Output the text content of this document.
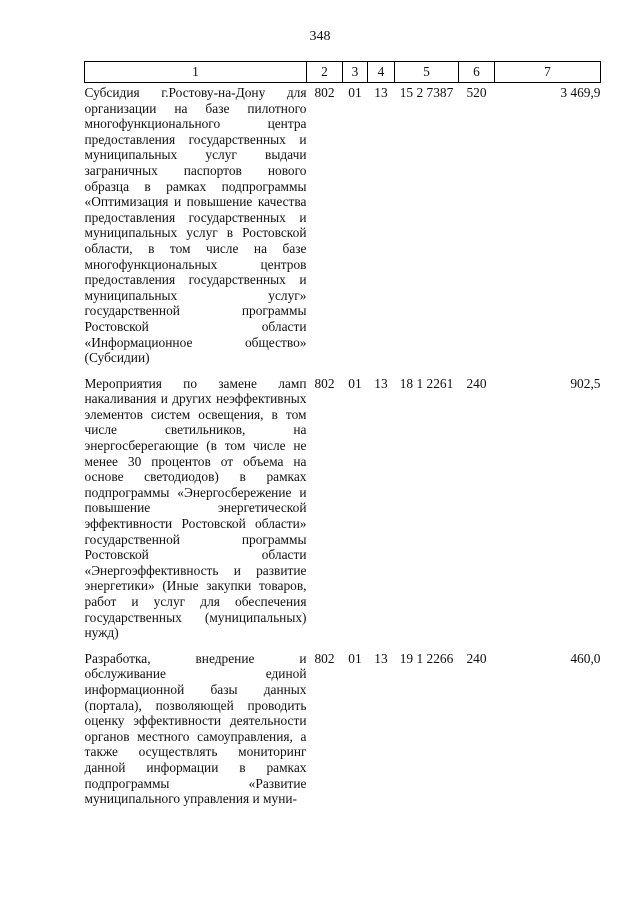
348
1	2	3	4	5	6	7
Субсидия г.Ростову-на-Дону для организации на базе пилотного многофункционального центра предоставления государственных и муниципальных услуг выдачи заграничных паспортов нового образца в рамках подпрограммы «Оптимизация и повышение качества предоставления государственных и муниципальных услуг в Ростовской области, в том числе на базе многофункциональных центров предоставления государственных и муниципальных услуг» государственной программы Ростовской области «Информационное общество» (Субсидии)	802	01	13	15 2 7387	520	3 469,9
Мероприятия по замене ламп накаливания и других неэффективных элементов систем освещения, в том числе светильников, на энергосберегающие (в том числе не менее 30 процентов от объема на основе светодиодов) в рамках подпрограммы «Энергосбережение и повышение энергетической эффективности Ростовской области» государственной программы Ростовской области «Энергоэффективность и развитие энергетики» (Иные закупки товаров, работ и услуг для обеспечения государственных (муниципальных) нужд)	802	01	13	18 1 2261	240	902,5
Разработка, внедрение и обслуживание единой информационной базы данных (портала), позволяющей проводить оценку эффективности деятельности органов местного самоуправления, а также осуществлять мониторинг данной информации в рамках подпрограммы «Развитие муниципального управления и муни-	802	01	13	19 1 2266	240	460,0
